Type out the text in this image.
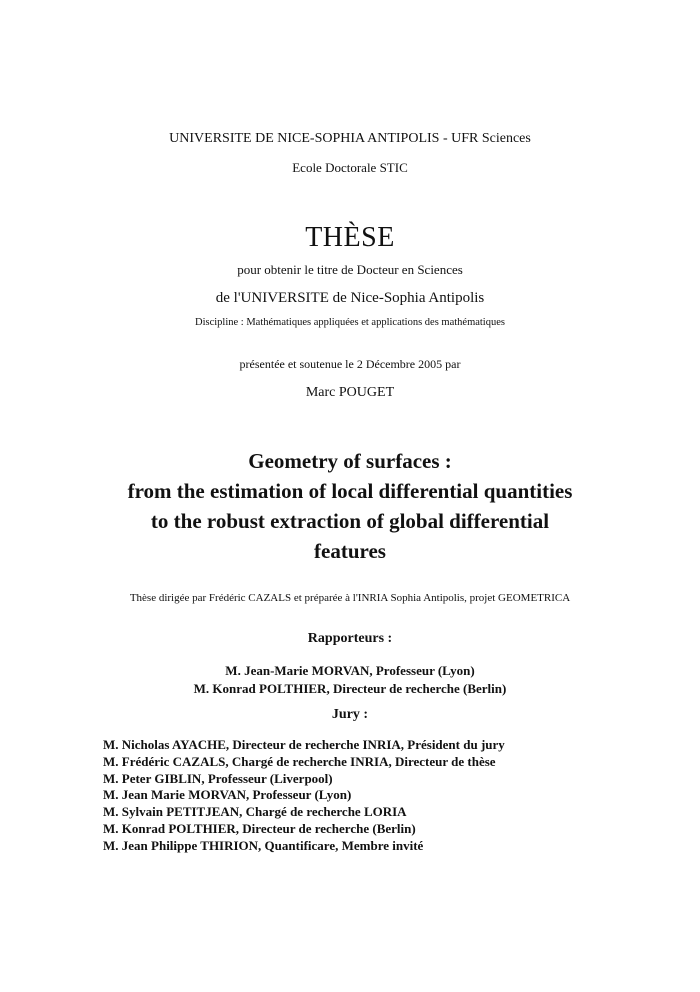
UNIVERSITE DE NICE-SOPHIA ANTIPOLIS - UFR Sciences
Ecole Doctorale STIC
THÈSE
pour obtenir le titre de Docteur en Sciences
de l'UNIVERSITE de Nice-Sophia Antipolis
Discipline : Mathématiques appliquées et applications des mathématiques
présentée et soutenue le 2 Décembre 2005 par
Marc POUGET
Geometry of surfaces :
from the estimation of local differential quantities
to the robust extraction of global differential
features
Thèse dirigée par Frédéric CAZALS et préparée à l'INRIA Sophia Antipolis, projet GEOMETRICA
Rapporteurs :
M. Jean-Marie MORVAN, Professeur (Lyon)
M. Konrad POLTHIER, Directeur de recherche (Berlin)
Jury :
M. Nicholas AYACHE, Directeur de recherche INRIA, Président du jury
M. Frédéric CAZALS, Chargé de recherche INRIA, Directeur de thèse
M. Peter GIBLIN, Professeur (Liverpool)
M. Jean Marie MORVAN, Professeur (Lyon)
M. Sylvain PETITJEAN, Chargé de recherche LORIA
M. Konrad POLTHIER, Directeur de recherche (Berlin)
M. Jean Philippe THIRION, Quantificare, Membre invité
